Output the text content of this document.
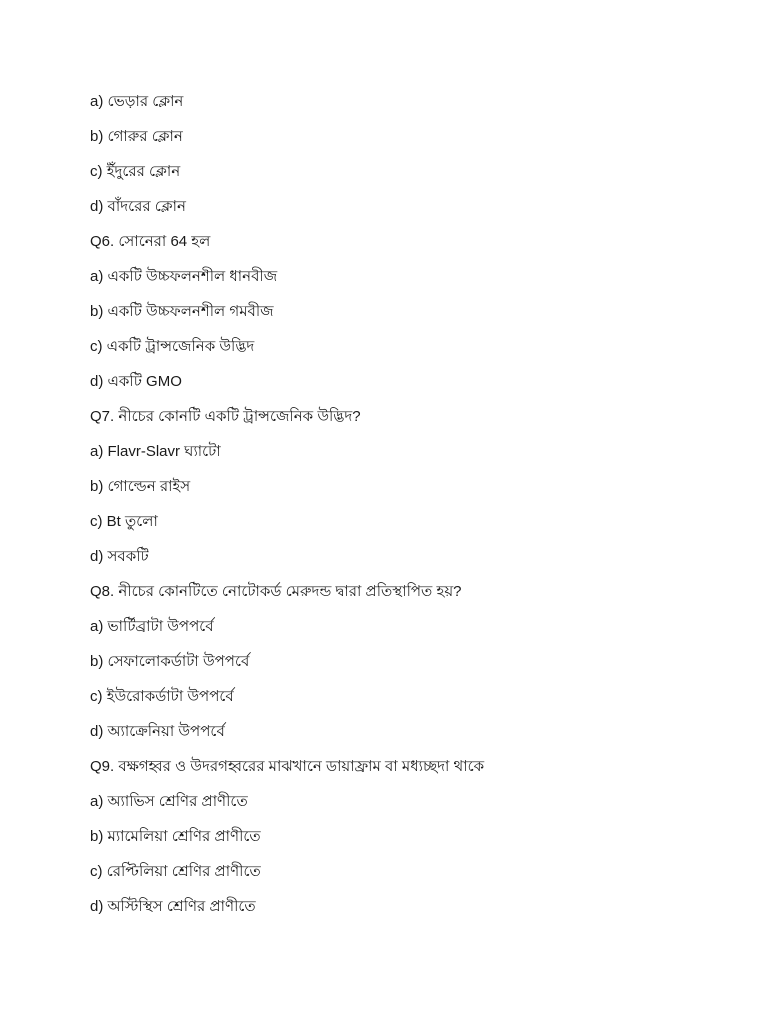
a) ভেড়ার ক্লোন
b) গোরুর ক্লোন
c) ইঁদুরের ক্লোন
d) বাঁদরের ক্লোন
Q6. সোনেরা 64 হল
a) একটি উচ্চফলনশীল ধানবীজ
b) একটি উচ্চফলনশীল গমবীজ
c) একটি ট্রান্সজেনিক উদ্ভিদ
d) একটি GMO
Q7. নীচের কোনটি একটি ট্রান্সজেনিক উদ্ভিদ?
a) Flavr-Slavr ঘ্যাটো
b) গোল্ডেন রাইস
c) Bt তুলো
d) সবকটি
Q8. নীচের কোনটিতে নোটোকর্ড মেরুদন্ড দ্বারা প্রতিস্থাপিত হয়?
a) ভার্টিব্রাটা উপপর্বে
b) সেফালোকর্ডাটা উপপর্বে
c) ইউরোকর্ডাটা উপপর্বে
d) অ্যাক্রেনিয়া উপপর্বে
Q9. বক্ষগহ্বর ও উদরগহ্বরের মাঝখানে ডায়াফ্রাম বা মধ্যচ্ছদা থাকে
a) অ্যাভিস শ্রেণির প্রাণীতে
b) ম্যামেলিয়া শ্রেণির প্রাণীতে
c) রেপ্টিলিয়া শ্রেণির প্রাণীতে
d) অস্টিস্থিস শ্রেণির প্রাণীতে
